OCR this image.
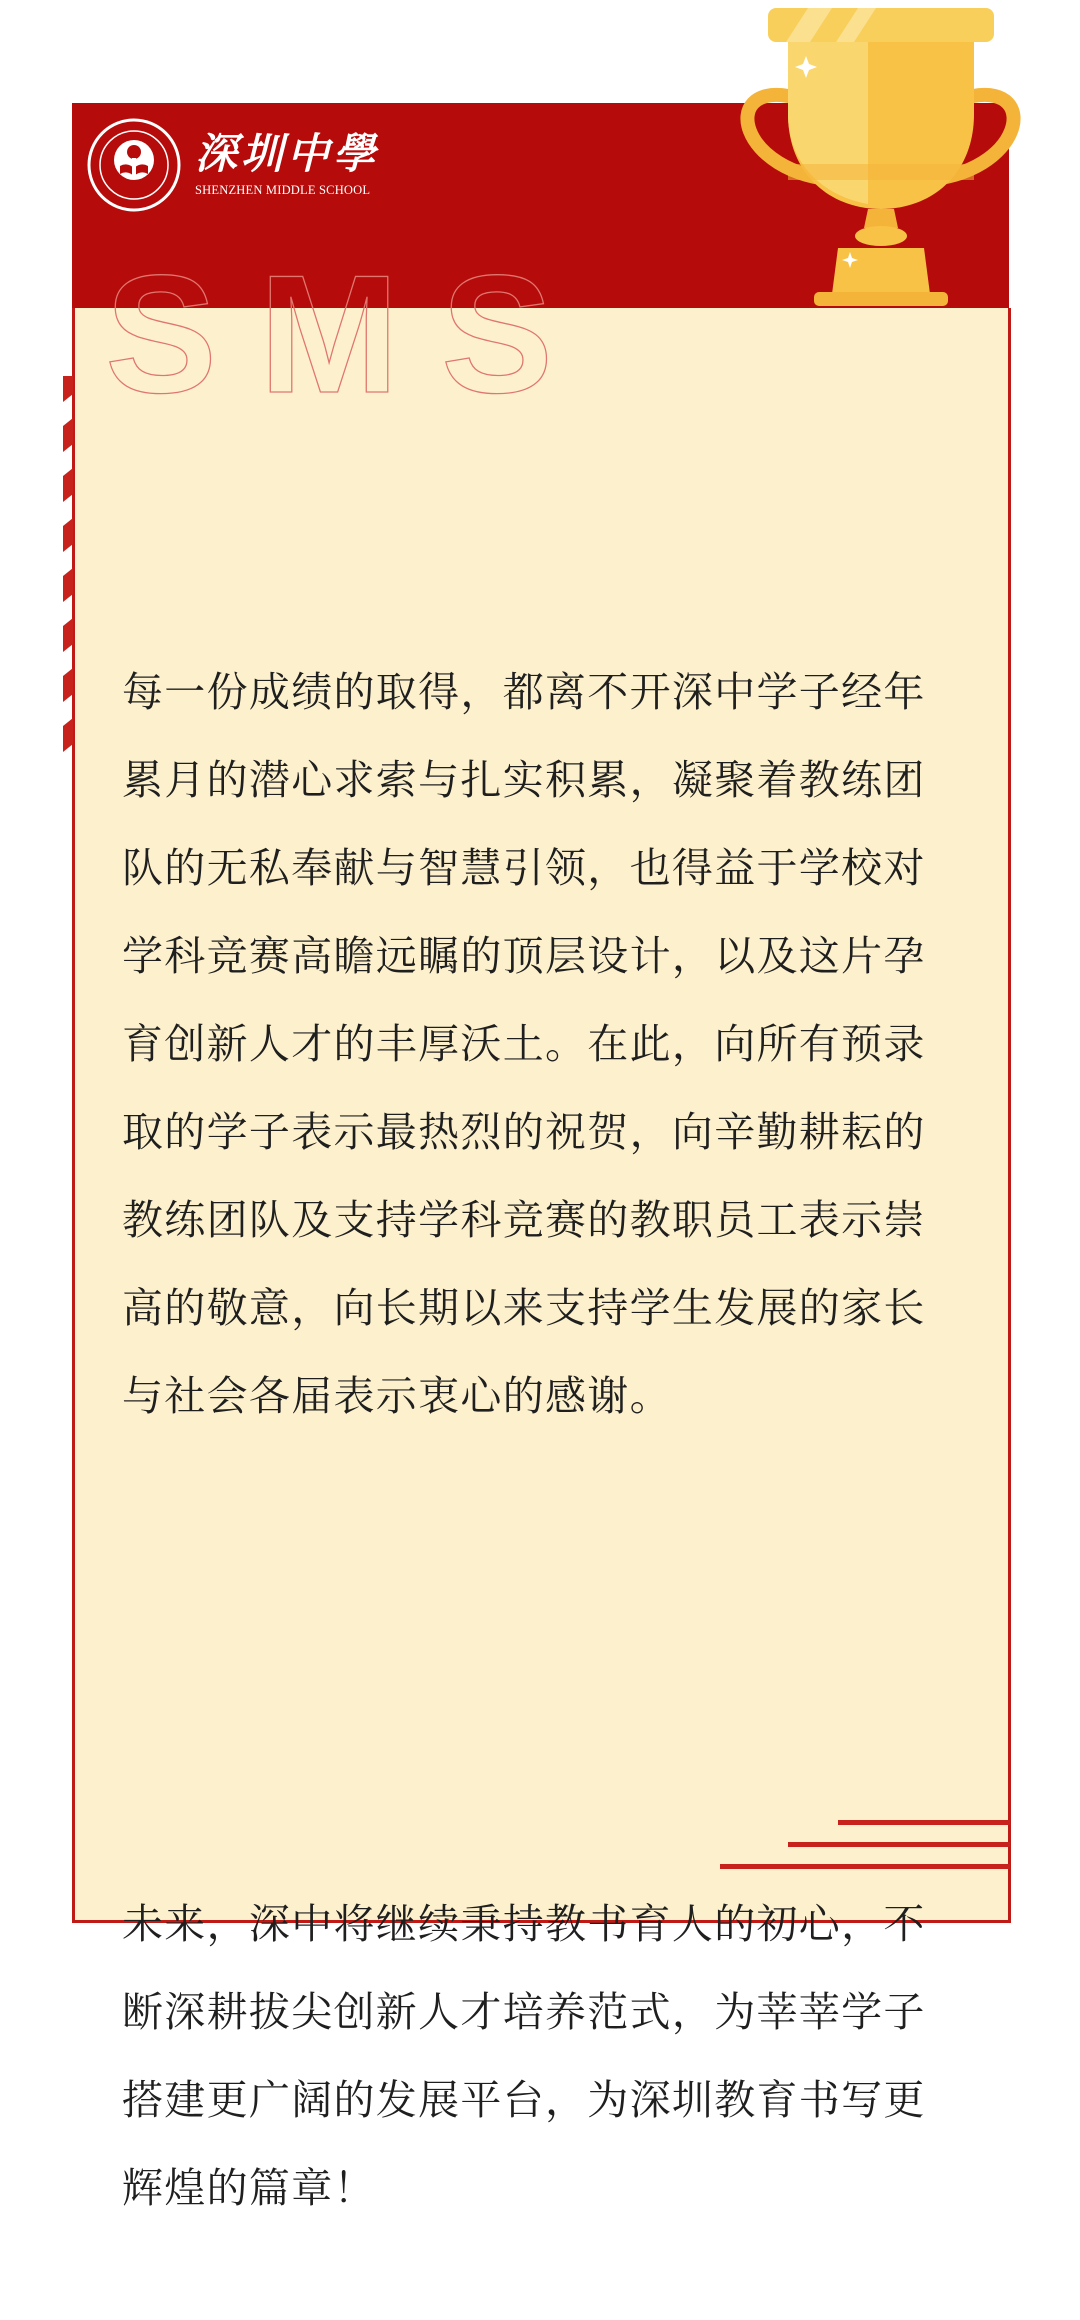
SMS
深圳中學
SHENZHEN MIDDLE SCHOOL

每一份成绩的取得，都离不开深中学子经年累月的潜心求索与扎实积累，凝聚着教练团队的无私奉献与智慧引领，也得益于学校对学科竞赛高瞻远瞩的顶层设计，以及这片孕育创新人才的丰厚沃土。在此，向所有预录取的学子表示最热烈的祝贺，向辛勤耕耘的教练团队及支持学科竞赛的教职员工表示崇高的敬意，向长期以来支持学生发展的家长与社会各届表示衷心的感谢。

未来，深中将继续秉持教书育人的初心，不断深耕拔尖创新人才培养范式，为莘莘学子搭建更广阔的发展平台，为深圳教育书写更辉煌的篇章！
